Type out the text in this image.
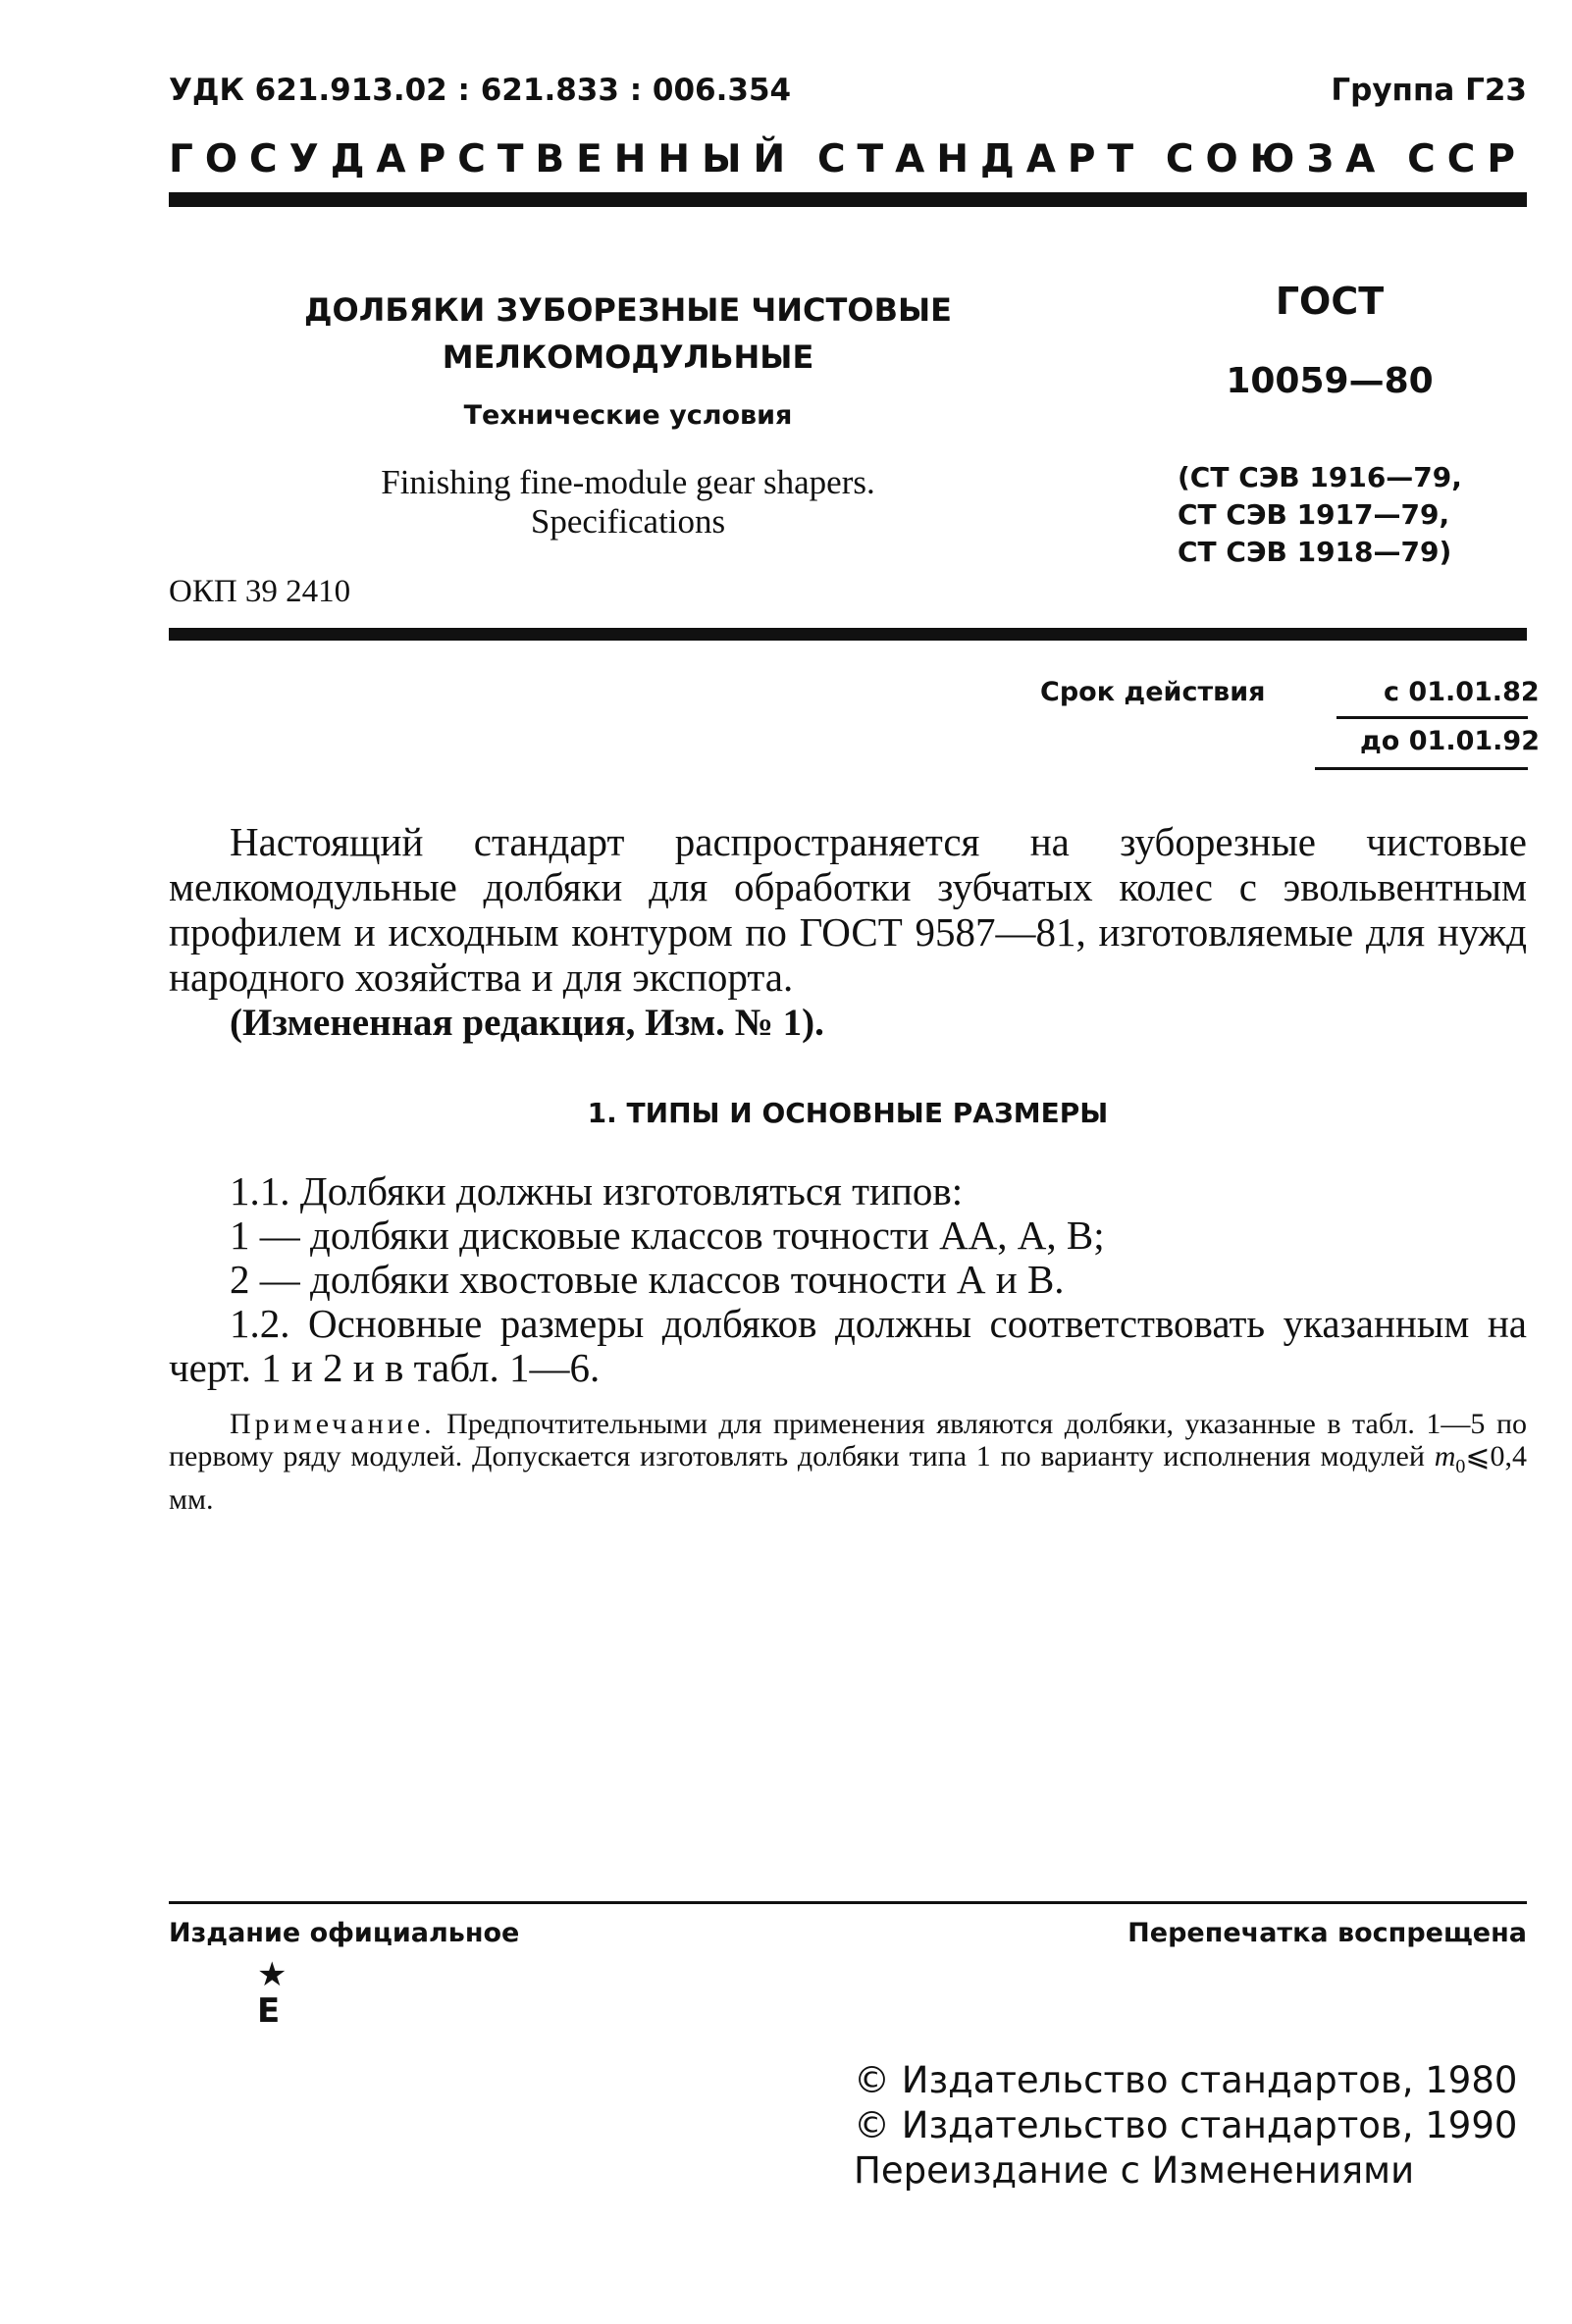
УДК 621.913.02 : 621.833 : 006.354	Группа Г23
ГОСУДАРСТВЕННЫЙ СТАНДАРТ СОЮЗА ССР
ДОЛБЯКИ ЗУБОРЕЗНЫЕ ЧИСТОВЫЕ
МЕЛКОМОДУЛЬНЫЕ
Технические условия
Finishing fine-module gear shapers.
Specifications
ОКП 39 2410
ГОСТ
10059—80
(СТ СЭВ 1916—79,
СТ СЭВ 1917—79,
СТ СЭВ 1918—79)
Срок действия	с 01.01.82
до 01.01.92

Настоящий стандарт распространяется на зуборезные чистовые мелкомодульные долбяки для обработки зубчатых колес с эвольвентным профилем и исходным контуром по ГОСТ 9587—81, изготовляемые для нужд народного хозяйства и для экспорта.

(Измененная редакция, Изм. № 1).
1. ТИПЫ И ОСНОВНЫЕ РАЗМЕРЫ

1.1. Долбяки должны изготовляться типов:

1 — долбяки дисковые классов точности АА, А, В;

2 — долбяки хвостовые классов точности А и В.

1.2. Основные размеры долбяков должны соответствовать указанным на черт. 1 и 2 и в табл. 1—6.

Примечание. Предпочтительными для применения являются долбяки, указанные в табл. 1—5 по первому ряду модулей. Допускается изготовлять долбяки типа 1 по варианту исполнения модулей $m_0⩽0,4$ мм.

Издание официальное	Перепечатка воспрещена
★
E
© Издательство стандартов, 1980
© Издательство стандартов, 1990
Переиздание с Изменениями
